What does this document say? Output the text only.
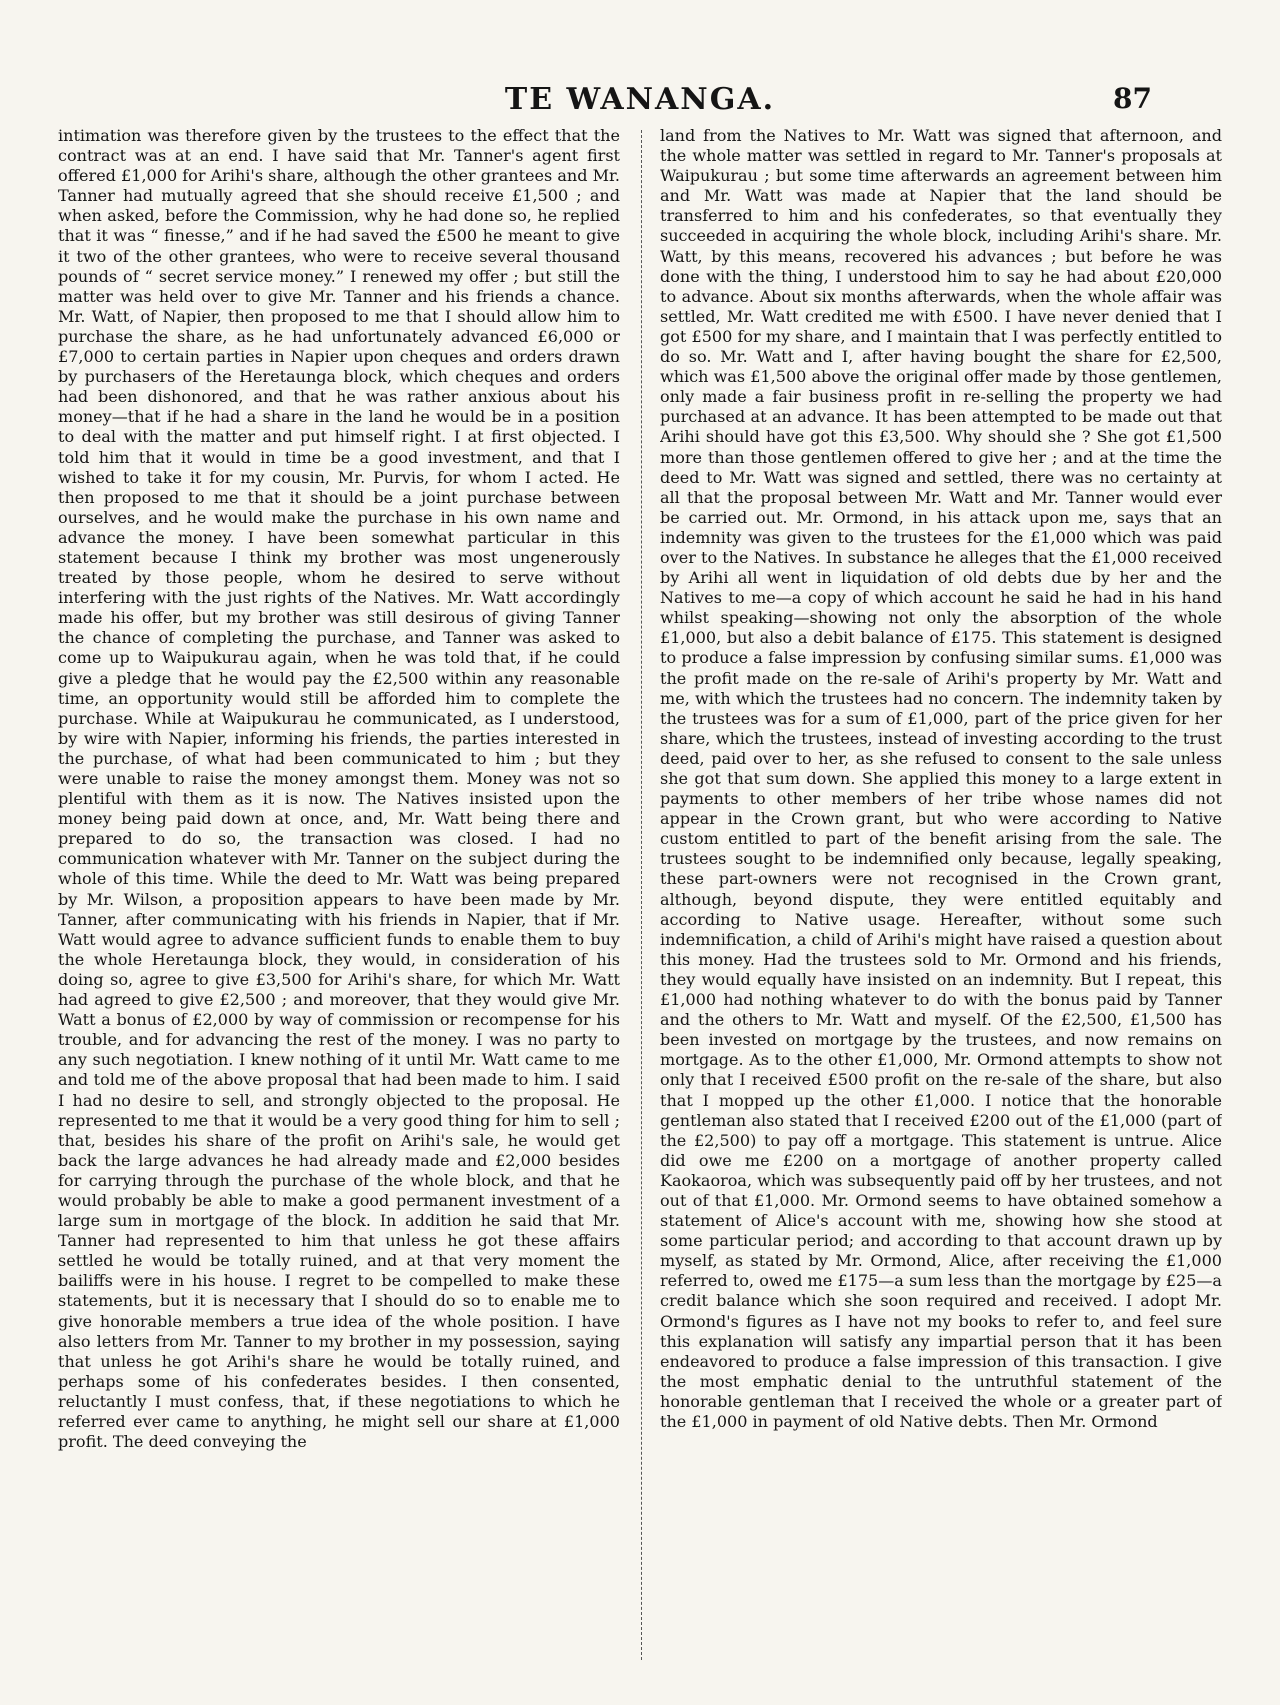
TE WANANGA.	87

intimation was therefore given by the trustees to the effect that the contract was at an end. I have said that Mr. Tanner's agent first offered £1,000 for Arihi's share, although the other grantees and Mr. Tanner had mutually agreed that she should receive £1,500 ; and when asked, before the Commission, why he had done so, he replied that it was “ finesse,” and if he had saved the £500 he meant to give it two of the other grantees, who were to receive several thousand pounds of “ secret service money.” I renewed my offer ; but still the matter was held over to give Mr. Tanner and his friends a chance. Mr. Watt, of Napier, then proposed to me that I should allow him to purchase the share, as he had unfortunately advanced £6,000 or £7,000 to certain parties in Napier upon cheques and orders drawn by purchasers of the Heretaunga block, which cheques and orders had been dishonored, and that he was rather anxious about his money—that if he had a share in the land he would be in a position to deal with the matter and put himself right. I at first objected. I told him that it would in time be a good investment, and that I wished to take it for my cousin, Mr. Purvis, for whom I acted. He then proposed to me that it should be a joint purchase between ourselves, and he would make the purchase in his own name and advance the money. I have been somewhat particular in this statement because I think my brother was most ungenerously treated by those people, whom he desired to serve without interfering with the just rights of the Natives. Mr. Watt accordingly made his offer, but my brother was still desirous of giving Tanner the chance of completing the purchase, and Tanner was asked to come up to Waipukurau again, when he was told that, if he could give a pledge that he would pay the £2,500 within any reasonable time, an opportunity would still be afforded him to complete the purchase. While at Waipukurau he communicated, as I understood, by wire with Napier, informing his friends, the parties interested in the purchase, of what had been communicated to him ; but they were unable to raise the money amongst them. Money was not so plentiful with them as it is now. The Natives insisted upon the money being paid down at once, and, Mr. Watt being there and prepared to do so, the transaction was closed. I had no communication whatever with Mr. Tanner on the subject during the whole of this time. While the deed to Mr. Watt was being prepared by Mr. Wilson, a proposition appears to have been made by Mr. Tanner, after communicating with his friends in Napier, that if Mr. Watt would agree to advance sufficient funds to enable them to buy the whole Heretaunga block, they would, in consideration of his doing so, agree to give £3,500 for Arihi's share, for which Mr. Watt had agreed to give £2,500 ; and moreover, that they would give Mr. Watt a bonus of £2,000 by way of commission or recompense for his trouble, and for advancing the rest of the money. I was no party to any such negotiation. I knew nothing of it until Mr. Watt came to me and told me of the above proposal that had been made to him. I said I had no desire to sell, and strongly objected to the proposal. He represented to me that it would be a very good thing for him to sell ; that, besides his share of the profit on Arihi's sale, he would get back the large advances he had already made and £2,000 besides for carrying through the purchase of the whole block, and that he would probably be able to make a good permanent investment of a large sum in mortgage of the block. In addition he said that Mr. Tanner had represented to him that unless he got these affairs settled he would be totally ruined, and at that very moment the bailiffs were in his house. I regret to be compelled to make these statements, but it is necessary that I should do so to enable me to give honorable members a true idea of the whole position. I have also letters from Mr. Tanner to my brother in my possession, saying that unless he got Arihi's share he would be totally ruined, and perhaps some of his confederates besides. I then consented, reluctantly I must confess, that, if these negotiations to which he referred ever came to anything, he might sell our share at £1,000 profit. The deed conveying the

land from the Natives to Mr. Watt was signed that afternoon, and the whole matter was settled in regard to Mr. Tanner's proposals at Waipukurau ; but some time afterwards an agreement between him and Mr. Watt was made at Napier that the land should be transferred to him and his confederates, so that eventually they succeeded in acquiring the whole block, including Arihi's share. Mr. Watt, by this means, recovered his advances ; but before he was done with the thing, I understood him to say he had about £20,000 to advance. About six months afterwards, when the whole affair was settled, Mr. Watt credited me with £500. I have never denied that I got £500 for my share, and I maintain that I was perfectly entitled to do so. Mr. Watt and I, after having bought the share for £2,500, which was £1,500 above the original offer made by those gentlemen, only made a fair business profit in re-selling the property we had purchased at an advance. It has been attempted to be made out that Arihi should have got this £3,500. Why should she ? She got £1,500 more than those gentlemen offered to give her ; and at the time the deed to Mr. Watt was signed and settled, there was no certainty at all that the proposal between Mr. Watt and Mr. Tanner would ever be carried out. Mr. Ormond, in his attack upon me, says that an indemnity was given to the trustees for the £1,000 which was paid over to the Natives. In substance he alleges that the £1,000 received by Arihi all went in liquidation of old debts due by her and the Natives to me—a copy of which account he said he had in his hand whilst speaking—showing not only the absorption of the whole £1,000, but also a debit balance of £175. This statement is designed to produce a false impression by confusing similar sums. £1,000 was the profit made on the re-sale of Arihi's property by Mr. Watt and me, with which the trustees had no concern. The indemnity taken by the trustees was for a sum of £1,000, part of the price given for her share, which the trustees, instead of investing according to the trust deed, paid over to her, as she refused to consent to the sale unless she got that sum down. She applied this money to a large extent in payments to other members of her tribe whose names did not appear in the Crown grant, but who were according to Native custom entitled to part of the benefit arising from the sale. The trustees sought to be indemnified only because, legally speaking, these part-owners were not recognised in the Crown grant, although, beyond dispute, they were entitled equitably and according to Native usage. Hereafter, without some such indemnification, a child of Arihi's might have raised a question about this money. Had the trustees sold to Mr. Ormond and his friends, they would equally have insisted on an indemnity. But I repeat, this £1,000 had nothing whatever to do with the bonus paid by Tanner and the others to Mr. Watt and myself. Of the £2,500, £1,500 has been invested on mortgage by the trustees, and now remains on mortgage. As to the other £1,000, Mr. Ormond attempts to show not only that I received £500 profit on the re-sale of the share, but also that I mopped up the other £1,000. I notice that the honorable gentleman also stated that I received £200 out of the £1,000 (part of the £2,500) to pay off a mortgage. This statement is untrue. Alice did owe me £200 on a mortgage of another property called Kaokaoroa, which was subsequently paid off by her trustees, and not out of that £1,000. Mr. Ormond seems to have obtained somehow a statement of Alice's account with me, showing how she stood at some particular period; and according to that account drawn up by myself, as stated by Mr. Ormond, Alice, after receiving the £1,000 referred to, owed me £175—a sum less than the mortgage by £25—a credit balance which she soon required and received. I adopt Mr. Ormond's figures as I have not my books to refer to, and feel sure this explanation will satisfy any impartial person that it has been endeavored to produce a false impression of this transaction. I give the most emphatic denial to the untruthful statement of the honorable gentleman that I received the whole or a greater part of the £1,000 in payment of old Native debts. Then Mr. Ormond
